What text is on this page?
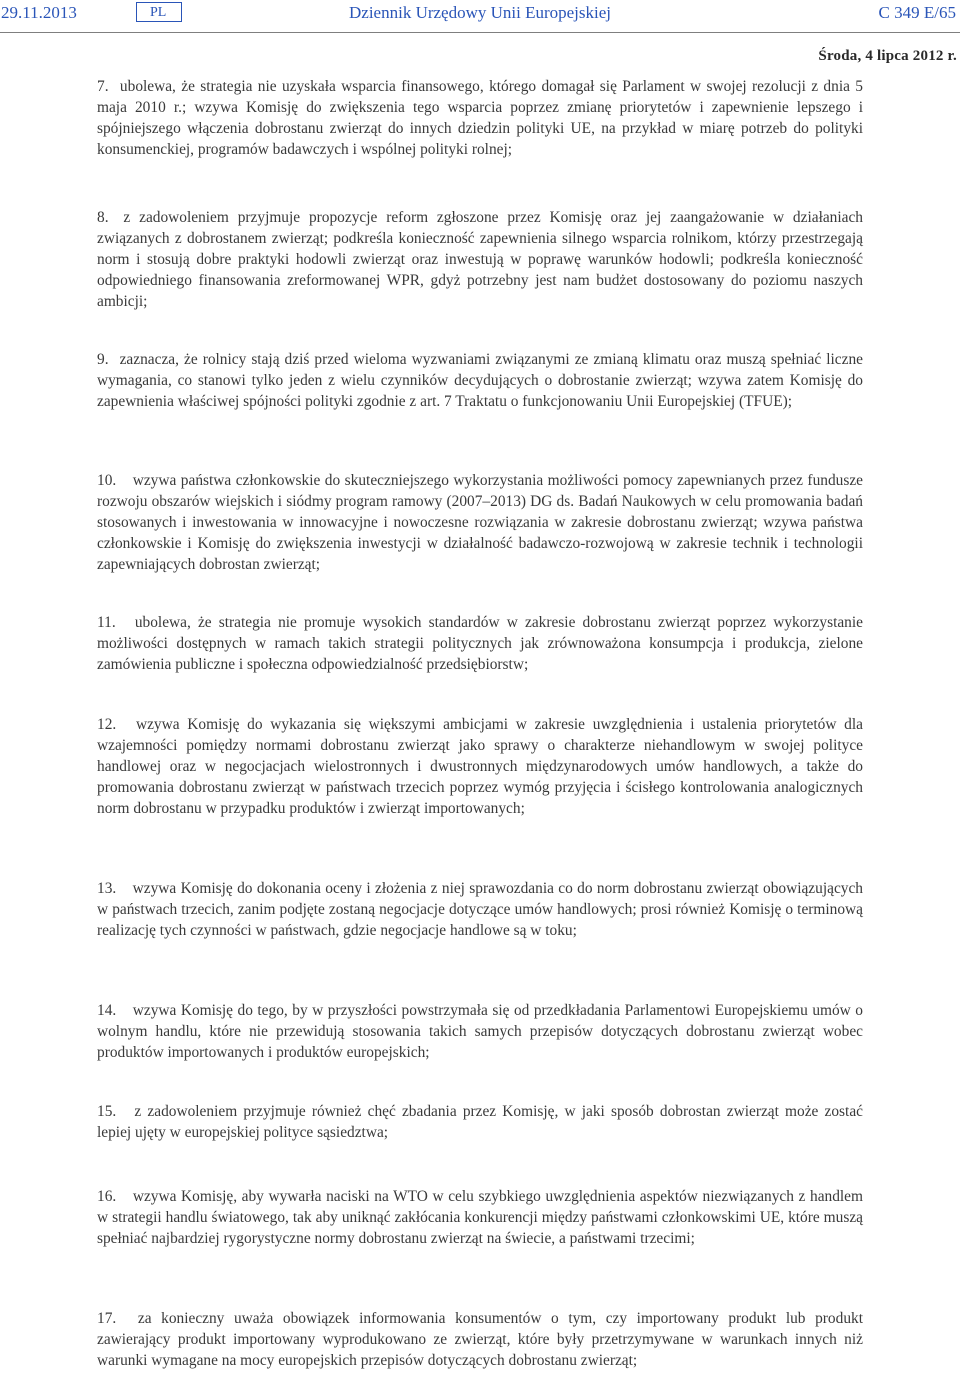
29.11.2013	PL	Dziennik Urzędowy Unii Europejskiej	C 349 E/65
Środa, 4 lipca 2012 r.
7. ubolewa, że strategia nie uzyskała wsparcia finansowego, którego domagał się Parlament w swojej rezolucji z dnia 5 maja 2010 r.; wzywa Komisję do zwiększenia tego wsparcia poprzez zmianę priorytetów i zapewnienie lepszego i spójniejszego włączenia dobrostanu zwierząt do innych dziedzin polityki UE, na przykład w miarę potrzeb do polityki konsumenckiej, programów badawczych i wspólnej polityki rolnej;
8. z zadowoleniem przyjmuje propozycje reform zgłoszone przez Komisję oraz jej zaangażowanie w działaniach związanych z dobrostanem zwierząt; podkreśla konieczność zapewnienia silnego wsparcia rolnikom, którzy przestrzegają norm i stosują dobre praktyki hodowli zwierząt oraz inwestują w poprawę warunków hodowli; podkreśla konieczność odpowiedniego finansowania zreformowanej WPR, gdyż potrzebny jest nam budżet dostosowany do poziomu naszych ambicji;
9. zaznacza, że rolnicy stają dziś przed wieloma wyzwaniami związanymi ze zmianą klimatu oraz muszą spełniać liczne wymagania, co stanowi tylko jeden z wielu czynników decydujących o dobrostanie zwierząt; wzywa zatem Komisję do zapewnienia właściwej spójności polityki zgodnie z art. 7 Traktatu o funkcjonowaniu Unii Europejskiej (TFUE);
10. wzywa państwa członkowskie do skuteczniejszego wykorzystania możliwości pomocy zapewnianych przez fundusze rozwoju obszarów wiejskich i siódmy program ramowy (2007–2013) DG ds. Badań Naukowych w celu promowania badań stosowanych i inwestowania w innowacyjne i nowoczesne rozwiązania w zakresie dobrostanu zwierząt; wzywa państwa członkowskie i Komisję do zwiększenia inwestycji w działalność badawczo-rozwojową w zakresie technik i technologii zapewniających dobrostan zwierząt;
11. ubolewa, że strategia nie promuje wysokich standardów w zakresie dobrostanu zwierząt poprzez wykorzystanie możliwości dostępnych w ramach takich strategii politycznych jak zrównoważona konsumpcja i produkcja, zielone zamówienia publiczne i społeczna odpowiedzialność przedsiębiorstw;
12. wzywa Komisję do wykazania się większymi ambicjami w zakresie uwzględnienia i ustalenia priorytetów dla wzajemności pomiędzy normami dobrostanu zwierząt jako sprawy o charakterze niehandlowym w swojej polityce handlowej oraz w negocjacjach wielostronnych i dwustronnych międzynarodowych umów handlowych, a także do promowania dobrostanu zwierząt w państwach trzecich poprzez wymóg przyjęcia i ścisłego kontrolowania analogicznych norm dobrostanu w przypadku produktów i zwierząt importowanych;
13. wzywa Komisję do dokonania oceny i złożenia z niej sprawozdania co do norm dobrostanu zwierząt obowiązujących w państwach trzecich, zanim podjęte zostaną negocjacje dotyczące umów handlowych; prosi również Komisję o terminową realizację tych czynności w państwach, gdzie negocjacje handlowe są w toku;
14. wzywa Komisję do tego, by w przyszłości powstrzymała się od przedkładania Parlamentowi Europejskiemu umów o wolnym handlu, które nie przewidują stosowania takich samych przepisów dotyczących dobrostanu zwierząt wobec produktów importowanych i produktów europejskich;
15. z zadowoleniem przyjmuje również chęć zbadania przez Komisję, w jaki sposób dobrostan zwierząt może zostać lepiej ujęty w europejskiej polityce sąsiedztwa;
16. wzywa Komisję, aby wywarła naciski na WTO w celu szybkiego uwzględnienia aspektów niezwiązanych z handlem w strategii handlu światowego, tak aby uniknąć zakłócania konkurencji między państwami członkowskimi UE, które muszą spełniać najbardziej rygorystyczne normy dobrostanu zwierząt na świecie, a państwami trzecimi;
17. za konieczny uważa obowiązek informowania konsumentów o tym, czy importowany produkt lub produkt zawierający produkt importowany wyprodukowano ze zwierząt, które były przetrzymywane w warunkach innych niż warunki wymagane na mocy europejskich przepisów dotyczących dobrostanu zwierząt;
